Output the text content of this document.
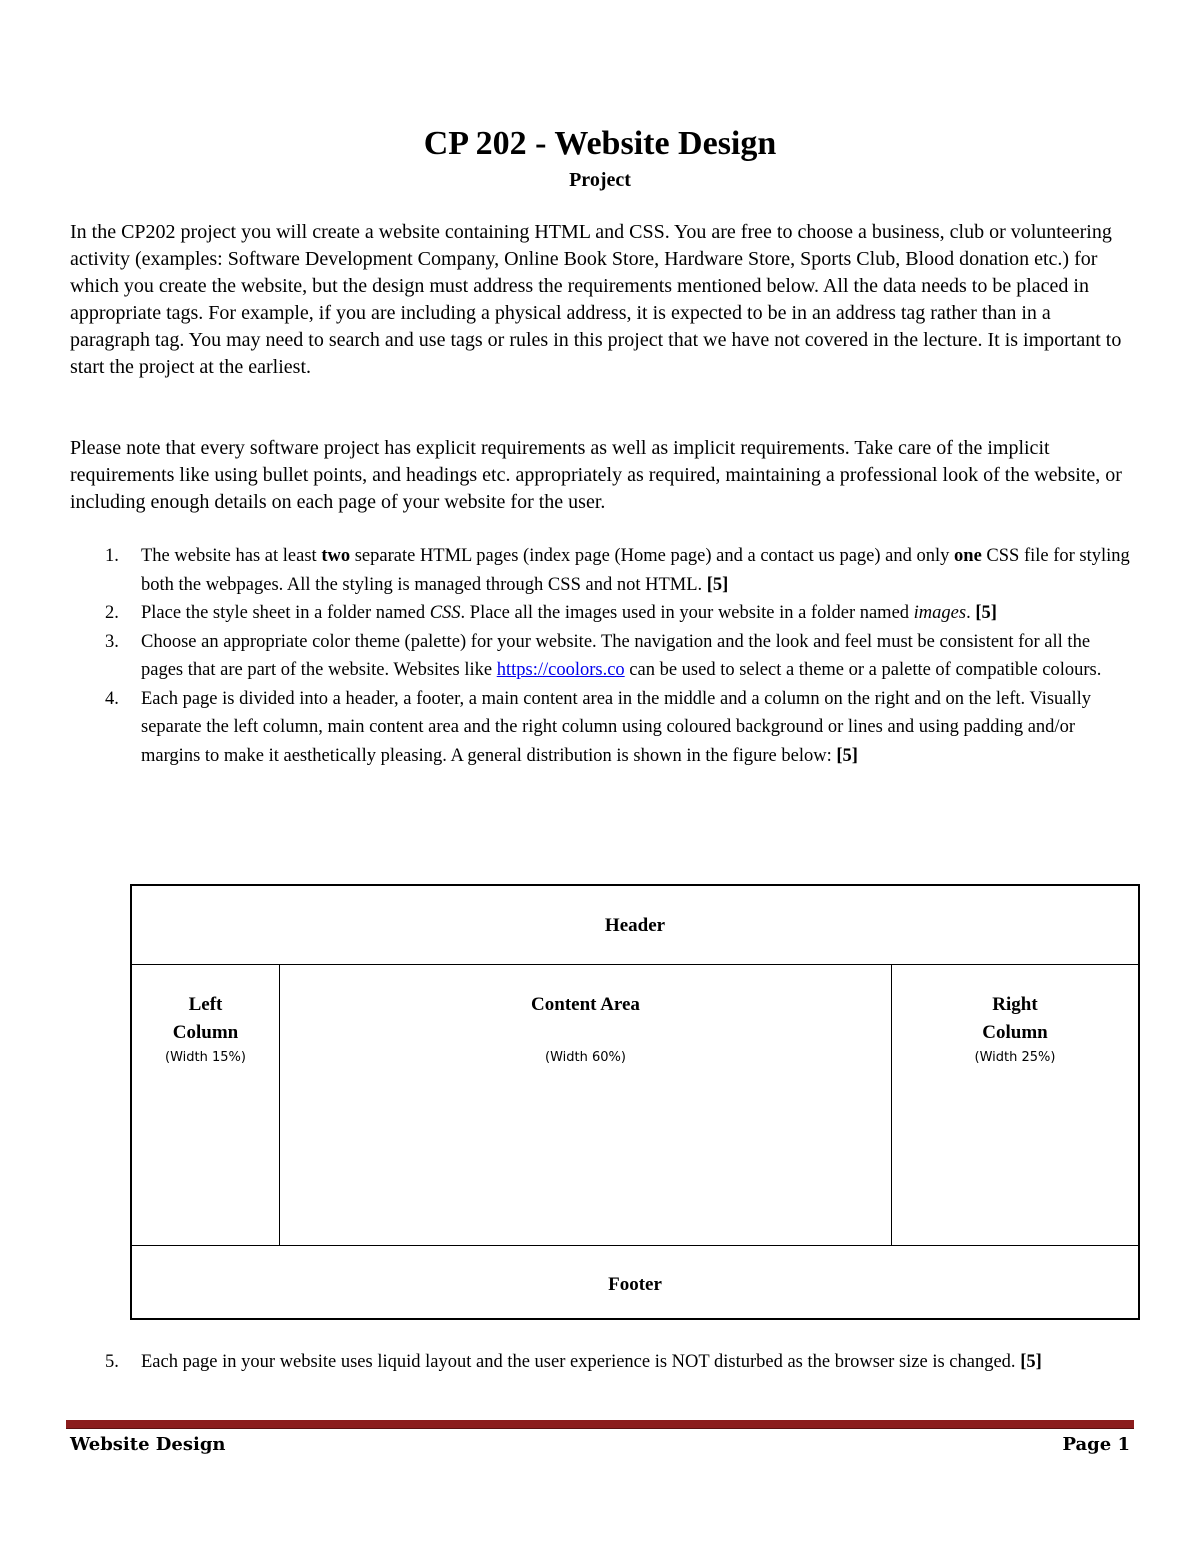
CP 202 - Website Design
Project

In the CP202 project you will create a website containing HTML and CSS. You are free to choose a business, club or volunteering activity (examples: Software Development Company, Online Book Store, Hardware Store, Sports Club, Blood donation etc.) for which you create the website, but the design must address the requirements mentioned below. All the data needs to be placed in appropriate tags. For example, if you are including a physical address, it is expected to be in an address tag rather than in a paragraph tag. You may need to search and use tags or rules in this project that we have not covered in the lecture. It is important to start the project at the earliest.

Please note that every software project has explicit requirements as well as implicit requirements. Take care of the implicit requirements like using bullet points, and headings etc. appropriately as required, maintaining a professional look of the website, or including enough details on each page of your website for the user.

1. The website has at least two separate HTML pages (index page (Home page) and a contact us page) and only one CSS file for styling both the webpages. All the styling is managed through CSS and not HTML. [5]
2. Place the style sheet in a folder named CSS. Place all the images used in your website in a folder named images. [5]
3. Choose an appropriate color theme (palette) for your website. The navigation and the look and feel must be consistent for all the pages that are part of the website. Websites like https://coolors.co can be used to select a theme or a palette of compatible colours.
4. Each page is divided into a header, a footer, a main content area in the middle and a column on the right and on the left. Visually separate the left column, main content area and the right column using coloured background or lines and using padding and/or margins to make it aesthetically pleasing. A general distribution is shown in the figure below: [5]
Header
Left
Column
(Width 15%)
Content Area
(Width 60%)
Right
Column
(Width 25%)
Footer
5. Each page in your website uses liquid layout and the user experience is NOT disturbed as the browser size is changed. [5]
Website Design	Page 1
